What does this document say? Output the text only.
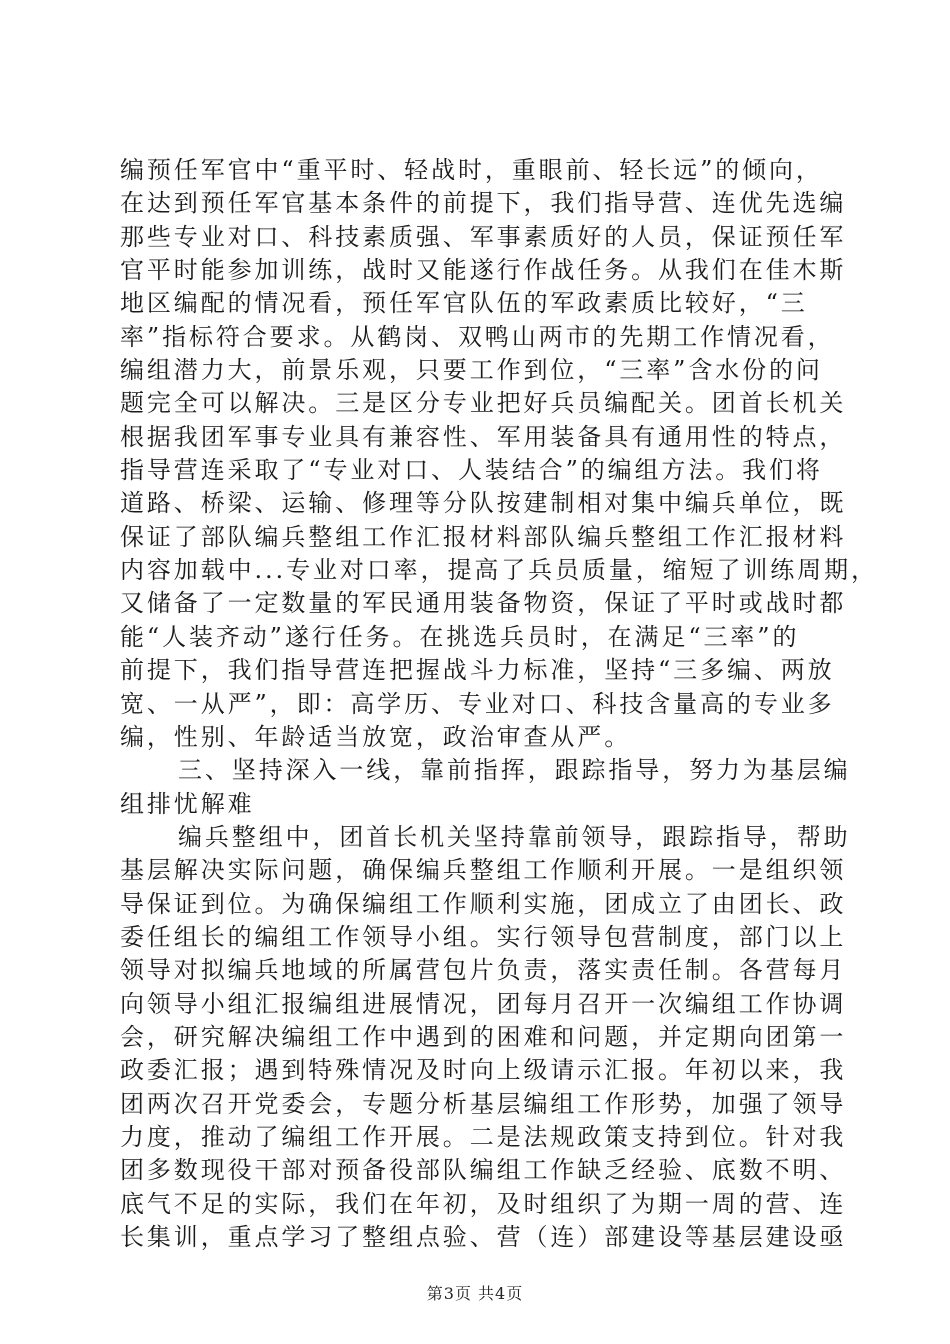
编预任军官中“重平时、轻战时，重眼前、轻长远”的倾向，
在达到预任军官基本条件的前提下，我们指导营、连优先选编
那些专业对口、科技素质强、军事素质好的人员，保证预任军
官平时能参加训练，战时又能遂行作战任务。从我们在佳木斯
地区编配的情况看，预任军官队伍的军政素质比较好，“三
率”指标符合要求。从鹤岗、双鸭山两市的先期工作情况看，
编组潜力大，前景乐观，只要工作到位，“三率”含水份的问
题完全可以解决。三是区分专业把好兵员编配关。团首长机关
根据我团军事专业具有兼容性、军用装备具有通用性的特点，
指导营连采取了“专业对口、人装结合”的编组方法。我们将
道路、桥梁、运输、修理等分队按建制相对集中编兵单位，既
保证了部队编兵整组工作汇报材料部队编兵整组工作汇报材料
内容加载中...专业对口率，提高了兵员质量，缩短了训练周期，
又储备了一定数量的军民通用装备物资，保证了平时或战时都
能“人装齐动”遂行任务。在挑选兵员时，在满足“三率”的
前提下，我们指导营连把握战斗力标准，坚持“三多编、两放
宽、一从严”，即：高学历、专业对口、科技含量高的专业多
编，性别、年龄适当放宽，政治审查从严。
三、坚持深入一线，靠前指挥，跟踪指导，努力为基层编
组排忧解难
编兵整组中，团首长机关坚持靠前领导，跟踪指导，帮助
基层解决实际问题，确保编兵整组工作顺利开展。一是组织领
导保证到位。为确保编组工作顺利实施，团成立了由团长、政
委任组长的编组工作领导小组。实行领导包营制度，部门以上
领导对拟编兵地域的所属营包片负责，落实责任制。各营每月
向领导小组汇报编组进展情况，团每月召开一次编组工作协调
会，研究解决编组工作中遇到的困难和问题，并定期向团第一
政委汇报；遇到特殊情况及时向上级请示汇报。年初以来，我
团两次召开党委会，专题分析基层编组工作形势，加强了领导
力度，推动了编组工作开展。二是法规政策支持到位。针对我
团多数现役干部对预备役部队编组工作缺乏经验、底数不明、
底气不足的实际，我们在年初，及时组织了为期一周的营、连
长集训，重点学习了整组点验、营（连）部建设等基层建设亟
第3页 共4页
